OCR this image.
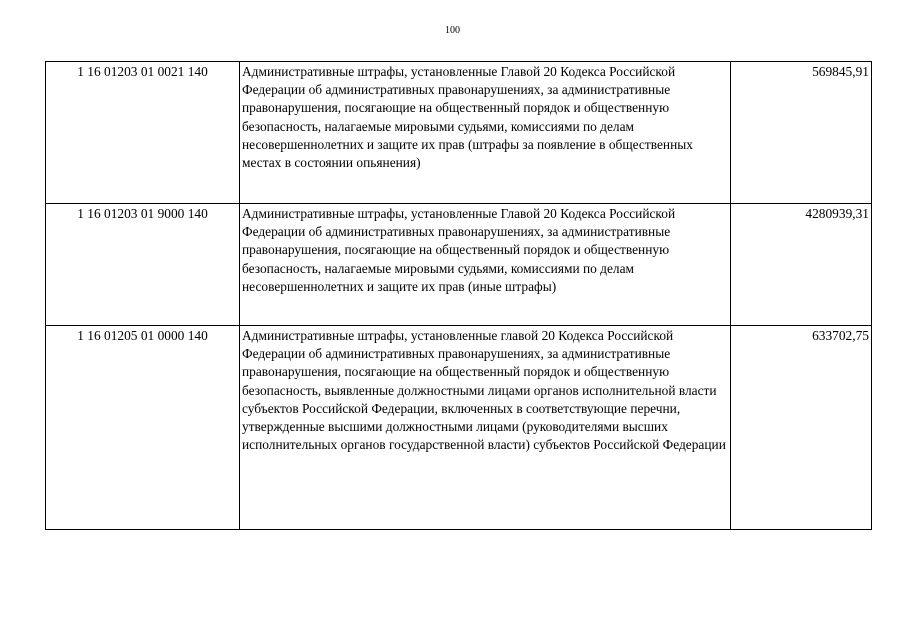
100
1 16 01203 01 0021 140	Административные штрафы, установленные Главой 20 Кодекса Российской Федерации об административных правонарушениях, за административные правонарушения, посягающие на общественный порядок и общественную безопасность, налагаемые мировыми судьями, комиссиями по делам несовершеннолетних и защите их прав (штрафы за появление в общественных местах в состоянии опьянения)	569845,91
1 16 01203 01 9000 140	Административные штрафы, установленные Главой 20 Кодекса Российской Федерации об административных правонарушениях, за административные правонарушения, посягающие на общественный порядок и общественную безопасность, налагаемые мировыми судьями, комиссиями по делам несовершеннолетних и защите их прав (иные штрафы)	4280939,31
1 16 01205 01 0000 140	Административные штрафы, установленные главой 20 Кодекса Российской Федерации об административных правонарушениях, за административные правонарушения, посягающие на общественный порядок и общественную безопасность, выявленные должностными лицами органов исполнительной власти субъектов Российской Федерации, включенных в соответствующие перечни, утвержденные высшими должностными лицами (руководителями высших исполнительных органов государственной власти) субъектов Российской Федерации	633702,75
